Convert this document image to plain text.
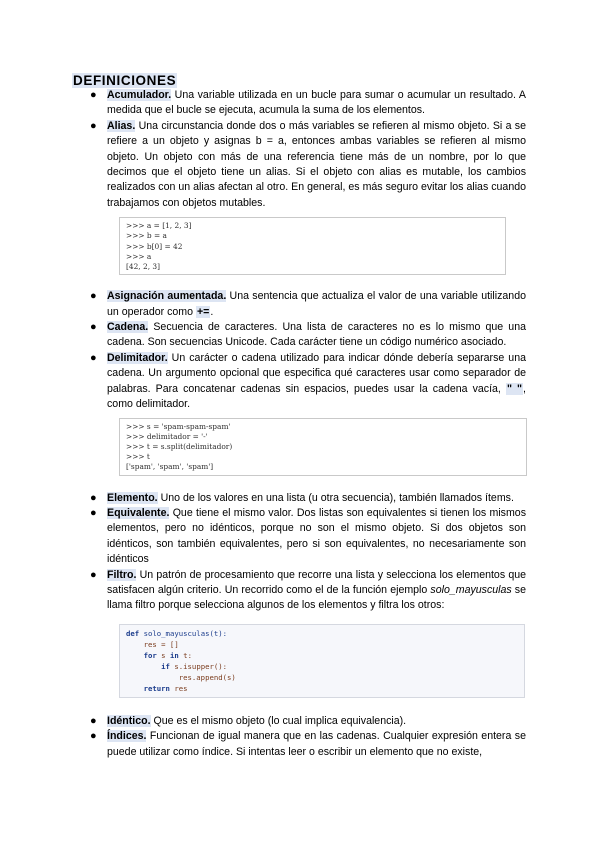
DEFINICIONES
● Acumulador. Una variable utilizada en un bucle para sumar o acumular un resultado. A medida que el bucle se ejecuta, acumula la suma de los elementos.
● Alias. Una circunstancia donde dos o más variables se refieren al mismo objeto. Si a se refiere a un objeto y asignas b = a, entonces ambas variables se refieren al mismo objeto. Un objeto con más de una referencia tiene más de un nombre, por lo que decimos que el objeto tiene un alias. Si el objeto con alias es mutable, los cambios realizados con un alias afectan al otro. En general, es más seguro evitar los alias cuando trabajamos con objetos mutables.
>>> a = [1, 2, 3]
>>> b = a
>>> b[0] = 42
>>> a
[42, 2, 3]
● Asignación aumentada. Una sentencia que actualiza el valor de una variable utilizando un operador como +=.
● Cadena. Secuencia de caracteres. Una lista de caracteres no es lo mismo que una cadena. Son secuencias Unicode. Cada carácter tiene un código numérico asociado.
● Delimitador. Un carácter o cadena utilizado para indicar dónde debería separarse una cadena. Un argumento opcional que especifica qué caracteres usar como separador de palabras. Para concatenar cadenas sin espacios, puedes usar la cadena vacía, " ", como delimitador.
>>> s = 'spam-spam-spam'
>>> delimitador = '-'
>>> t = s.split(delimitador)
>>> t
['spam', 'spam', 'spam']
● Elemento. Uno de los valores en una lista (u otra secuencia), también llamados ítems.
● Equivalente. Que tiene el mismo valor. Dos listas son equivalentes si tienen los mismos elementos, pero no idénticos, porque no son el mismo objeto. Si dos objetos son idénticos, son también equivalentes, pero si son equivalentes, no necesariamente son idénticos
● Filtro. Un patrón de procesamiento que recorre una lista y selecciona los elementos que satisfacen algún criterio. Un recorrido como el de la función ejemplo solo_mayusculas se llama filtro porque selecciona algunos de los elementos y filtra los otros:
def solo_mayusculas(t):
res = []
for s in t:
if s.isupper():
res.append(s)
return res
● Idéntico. Que es el mismo objeto (lo cual implica equivalencia).
● Índices. Funcionan de igual manera que en las cadenas. Cualquier expresión entera se puede utilizar como índice. Si intentas leer o escribir un elemento que no existe,
